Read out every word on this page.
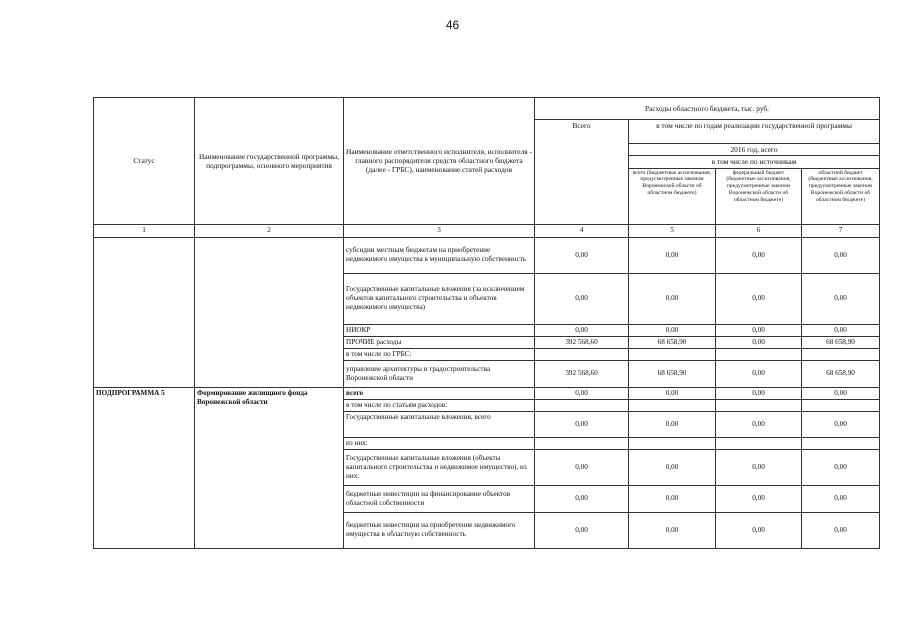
46
Статус	Наименование государственной программы, подпрограммы, основного мероприятия	Наименование ответственного исполнителя, исполнителя - главного распорядителя средств областного бюджета (далее - ГРБС), наименование статей расходов	Расходы областного бюджета, тыс. руб.			
			Всего	в том числе по годам реализации государственной программы		
				2016 год, всего		
				в том числе по источникам		
				всего (бюджетные ассигнования, предусмотренные законом Воронежской области об областном бюджете)	федеральный бюджет (бюджетные ассигнования, предусмотренные законом Воронежской области об областном бюджете)	областной бюджет (бюджетные ассигнования, предусмотренные законом Воронежской области об областном бюджете)
1	2	3	4	5	6	7
		субсидии местным бюджетам на приобретение недвижимого имущества в муниципальную собственность	0,00	0,00	0,00	0,00
		Государственные капитальные вложения (за исключением объектов капитального строительства и объектов недвижимого имущества)	0,00	0,00	0,00	0,00
		НИОКР	0,00	0,00	0,00	0,00
		ПРОЧИЕ расходы	392 568,60	68 658,90	0,00	68 658,90
		в том числе по ГРБС:				
		управление архитектуры и градостроительства Воронежской области	392 568,60	68 658,90	0,00	68 658,90
ПОДПРОГРАММА 5	Формирование жилищного фонда Воронежской области	всего	0,00	0,00	0,00	0,00
		в том числе по статьям расходов:				
		Государственные капитальные вложения, всего	0,00	0,00	0,00	0,00
		из них:				
		Государственные капитальные вложения (объекты капитального строительства и недвижимое имущество), из них:	0,00	0,00	0,00	0,00
		бюджетные инвестиции на финансирование объектов областной собственности	0,00	0,00	0,00	0,00
		бюджетные инвестиции на приобретение недвижимого имущества в областную собственность	0,00	0,00	0,00	0,00
